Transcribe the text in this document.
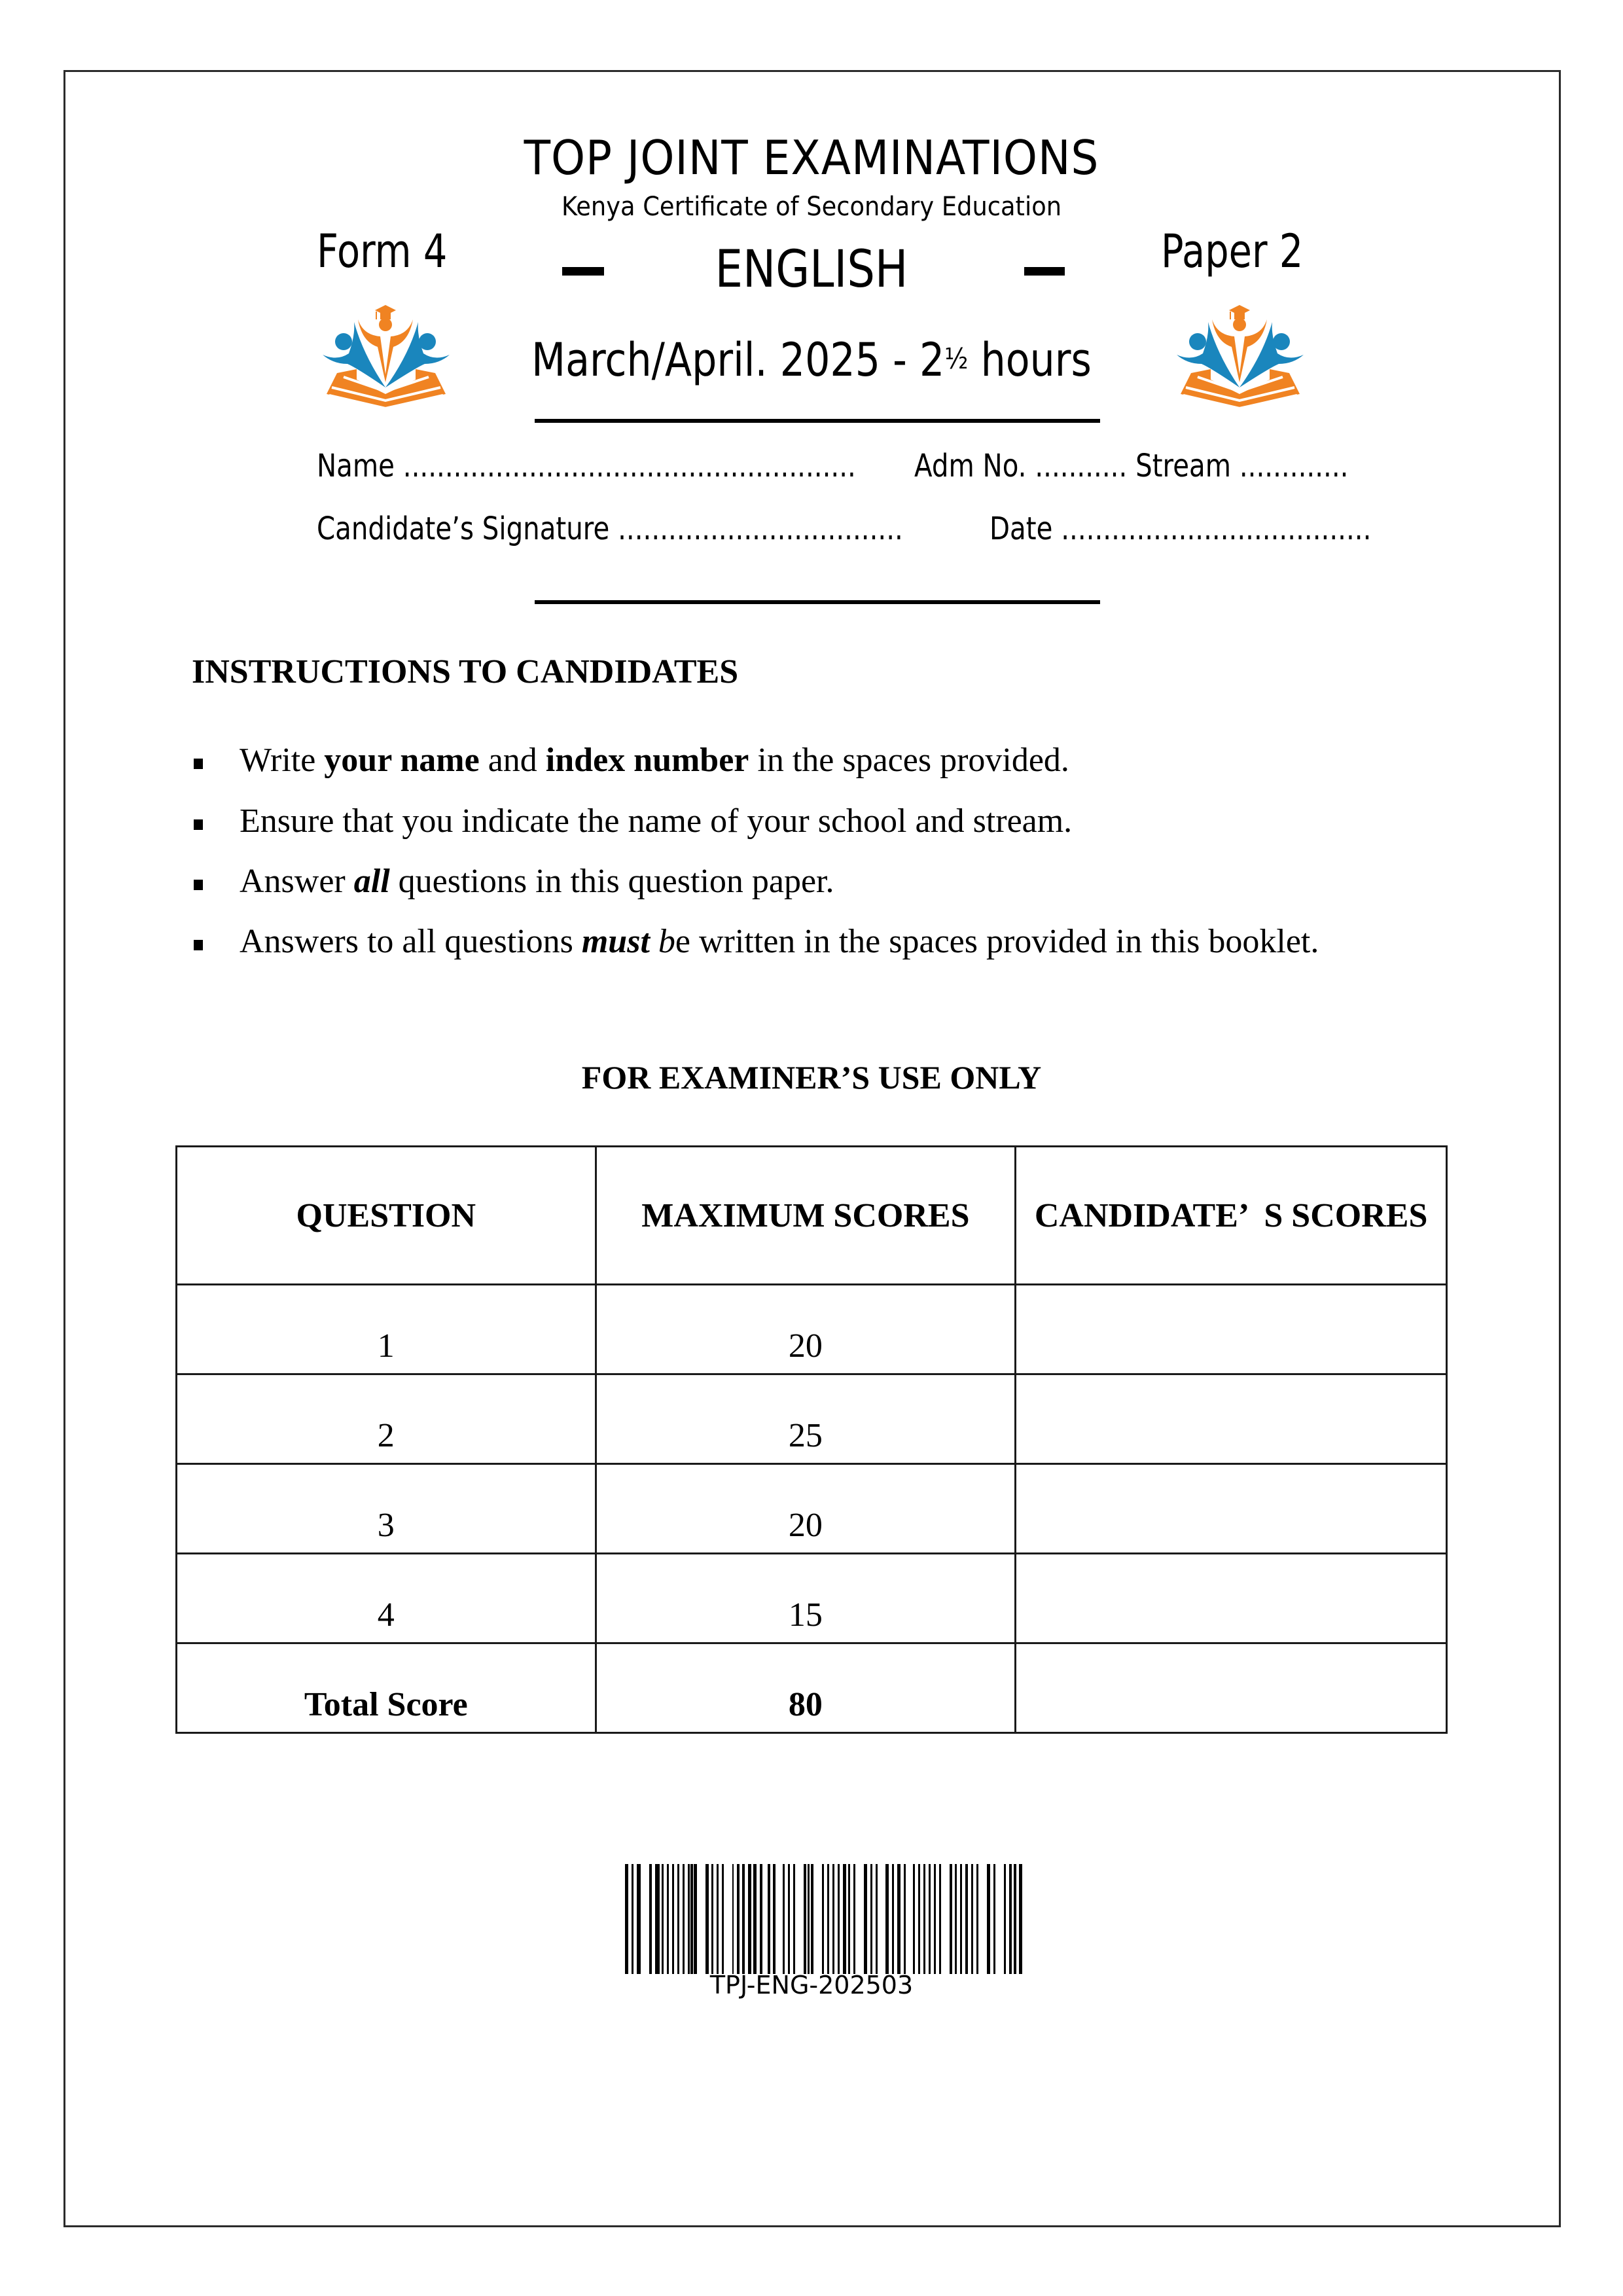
TOP JOINT EXAMINATIONS
Kenya Certificate of Secondary Education
Form 4	ENGLISH	Paper 2
March/April. 2025 - 2½ hours
Name ...................................................... Adm No. ........... Stream .............
Candidate’s Signature ..................................	Date .....................................
INSTRUCTIONS TO CANDIDATES
Write your name and index number in the spaces provided.
Ensure that you indicate the name of your school and stream.
Answer all questions in this question paper.
Answers to all questions must be written in the spaces provided in this booklet.
FOR EXAMINER’S USE ONLY
QUESTION	MAXIMUM SCORES	CANDIDATE’  S SCORES
1	20	
2	25	
3	20	
4	15	
Total Score	80	
TPJ-ENG-202503
